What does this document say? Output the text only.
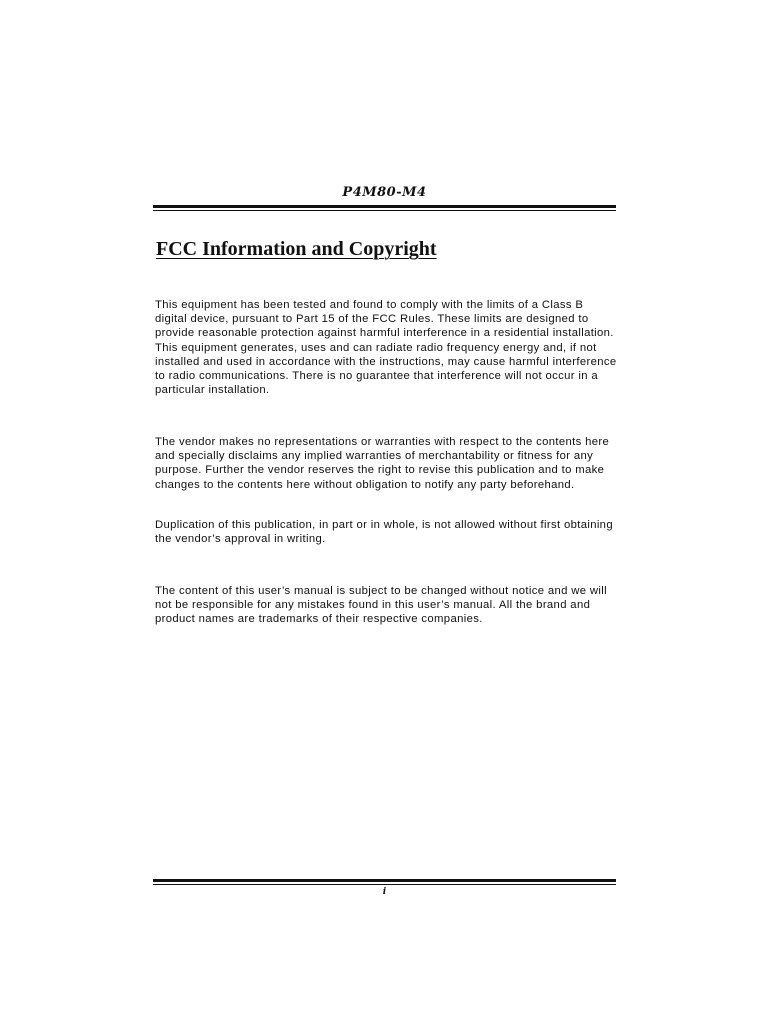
P4M80-M4
FCC Information and Copyright

This equipment has been tested and found to comply with the limits of a Class B digital device, pursuant to Part 15 of the FCC Rules. These limits are designed to provide reasonable protection against harmful interference in a residential installation. This equipment generates, uses and can radiate radio frequency energy and, if not installed and used in accordance with the instructions, may cause harmful interference to radio communications. There is no guarantee that interference will not occur in a particular installation.

The vendor makes no representations or warranties with respect to the contents here and specially disclaims any implied warranties of merchantability or fitness for any purpose. Further the vendor reserves the right to revise this publication and to make changes to the contents here without obligation to notify any party beforehand.

Duplication of this publication, in part or in whole, is not allowed without first obtaining the vendor’s approval in writing.

The content of this user’s manual is subject to be changed without notice and we will not be responsible for any mistakes found in this user’s manual. All the brand and product names are trademarks of their respective companies.

i
